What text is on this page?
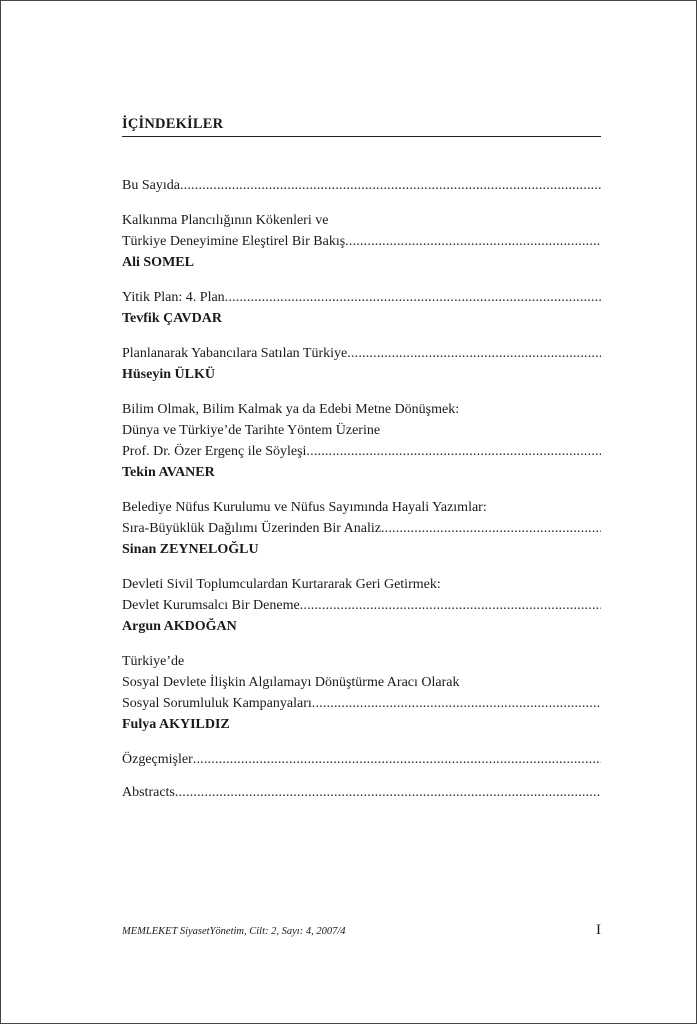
İÇİNDEKİLER
Bu Sayıda
.....
Kalkınma Plancılığının Kökenleri ve
Türkiye Deneyimine Eleştirel Bir Bakış
.....
Ali SOMEL
Yitik Plan: 4. Plan
.....
Tevfik ÇAVDAR
Planlanarak Yabancılara Satılan Türkiye
.....
Hüseyin ÜLKÜ
Bilim Olmak, Bilim Kalmak ya da Edebi Metne Dönüşmek:
Dünya ve Türkiye’de Tarihte Yöntem Üzerine
Prof. Dr. Özer Ergenç ile Söyleşi
.....
Tekin AVANER
Belediye Nüfus Kurulumu ve Nüfus Sayımında Hayali Yazımlar:
Sıra-Büyüklük Dağılımı Üzerinden Bir Analiz
.....
Sinan ZEYNELOĞLU
Devleti Sivil Toplumculardan Kurtararak Geri Getirmek:
Devlet Kurumsalcı Bir Deneme
.....
Argun AKDOĞAN
Türkiye’de
Sosyal Devlete İlişkin Algılamayı Dönüştürme Aracı Olarak
Sosyal Sorumluluk Kampanyaları
.....
Fulya AKYILDIZ
Özgeçmişler
.....
Abstracts
.....
MEMLEKET SiyasetYönetim, Cilt: 2, Sayı: 4, 2007/4	I
